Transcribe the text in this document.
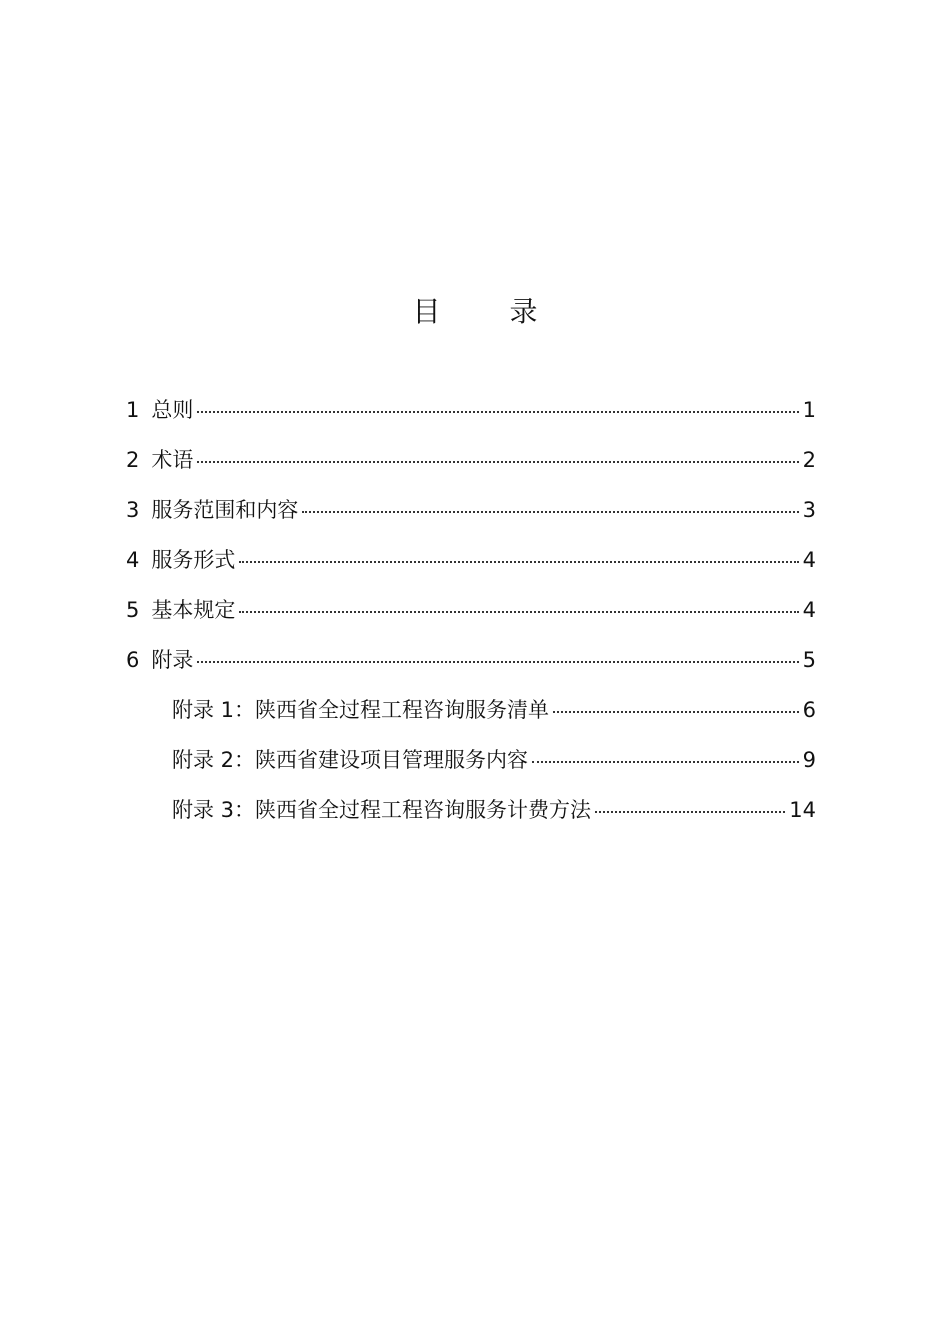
目 录
1 总则	1
2 术语	2
3 服务范围和内容	3
4 服务形式	4
5 基本规定	4
6 附录	5
附录 1：陕西省全过程工程咨询服务清单	6
附录 2：陕西省建设项目管理服务内容	9
附录 3：陕西省全过程工程咨询服务计费方法	14
